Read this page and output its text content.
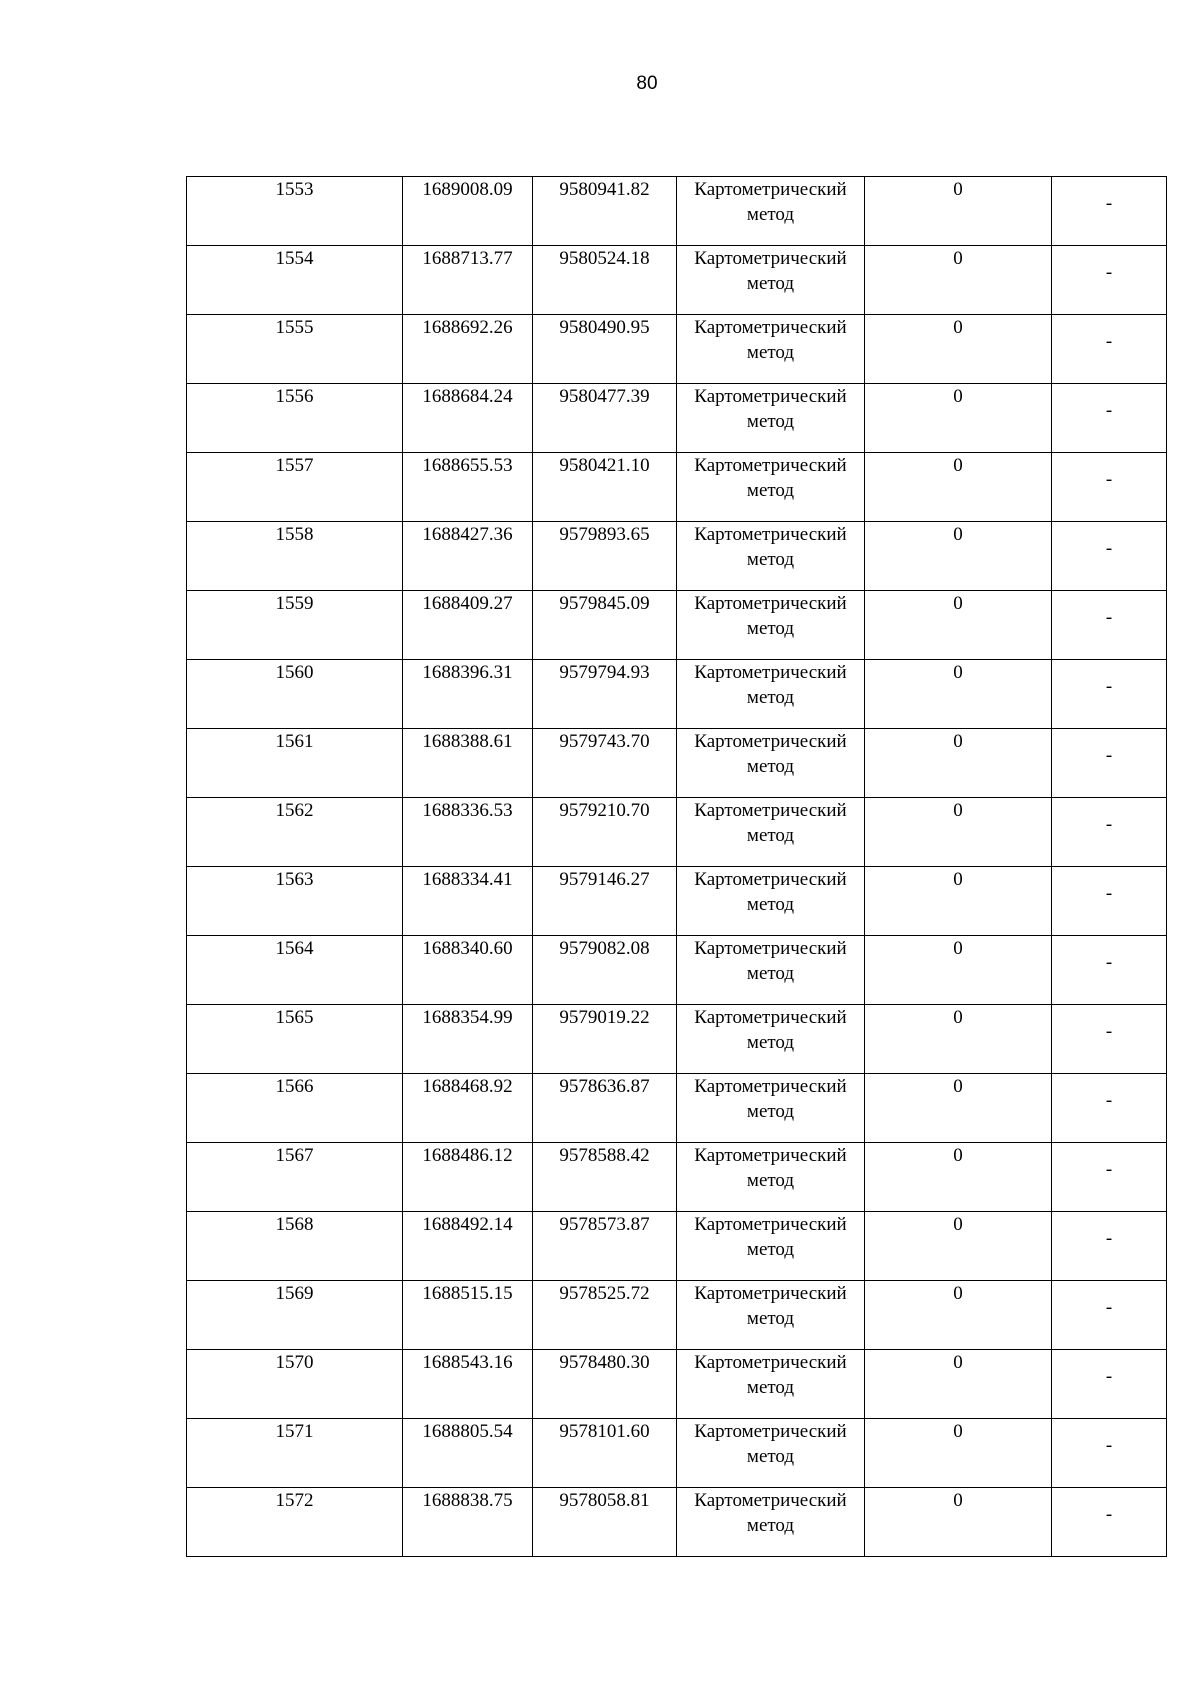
80
1553	1689008.09	9580941.82	Картометрический метод	0	-

1554	1688713.77	9580524.18	Картометрический метод	0	-

1555	1688692.26	9580490.95	Картометрический метод	0	-

1556	1688684.24	9580477.39	Картометрический метод	0	-

1557	1688655.53	9580421.10	Картометрический метод	0	-

1558	1688427.36	9579893.65	Картометрический метод	0	-

1559	1688409.27	9579845.09	Картометрический метод	0	-

1560	1688396.31	9579794.93	Картометрический метод	0	-

1561	1688388.61	9579743.70	Картометрический метод	0	-

1562	1688336.53	9579210.70	Картометрический метод	0	-

1563	1688334.41	9579146.27	Картометрический метод	0	-

1564	1688340.60	9579082.08	Картометрический метод	0	-

1565	1688354.99	9579019.22	Картометрический метод	0	-

1566	1688468.92	9578636.87	Картометрический метод	0	-

1567	1688486.12	9578588.42	Картометрический метод	0	-

1568	1688492.14	9578573.87	Картометрический метод	0	-

1569	1688515.15	9578525.72	Картометрический метод	0	-

1570	1688543.16	9578480.30	Картометрический метод	0	-

1571	1688805.54	9578101.60	Картометрический метод	0	-

1572	1688838.75	9578058.81	Картометрический метод	0	-
